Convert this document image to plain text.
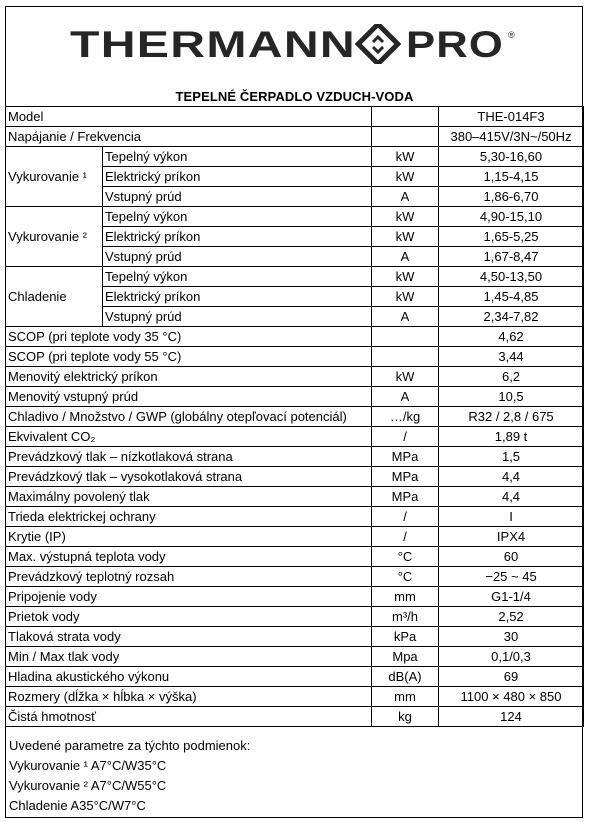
THERMANN PRO ®
TEPELNÉ ČERPADLO VZDUCH-VODA
Model			THE-014F3
Napájanie / Frekvencia			380–415V/3N~/50Hz
Vykurovanie ¹	Tepelný výkon	kW	5,30-16,60
	Elektrický príkon	kW	1,15-4,15
	Vstupný prúd	A	1,86-6,70
Vykurovanie ²	Tepelný výkon	kW	4,90-15,10
	Elektrický príkon	kW	1,65-5,25
	Vstupný prúd	A	1,67-8,47
Chladenie	Tepelný výkon	kW	4,50-13,50
	Elektrický príkon	kW	1,45-4,85
	Vstupný prúd	A	2,34-7,82
SCOP (pri teplote vody 35 °C)			4,62
SCOP (pri teplote vody 55 °C)			3,44
Menovitý elektrický príkon		kW	6,2
Menovitý vstupný prúd		A	10,5
Chladivo / Množstvo / GWP (globálny otepľovací potenciál)		…/kg	R32 / 2,8 / 675
Ekvivalent CO₂		/	1,89 t
Prevádzkový tlak – nízkotlaková strana		MPa	1,5
Prevádzkový tlak – vysokotlaková strana		MPa	4,4
Maximálny povolený tlak		MPa	4,4
Trieda elektrickej ochrany		/	I
Krytie (IP)		/	IPX4
Max. výstupná teplota vody		°C	60
Prevádzkový teplotný rozsah		°C	−25 ~ 45
Pripojenie vody		mm	G1-1/4
Prietok vody		m³/h	2,52
Tlaková strata vody		kPa	30
Min / Max tlak vody		Mpa	0,1/0,3
Hladina akustického výkonu		dB(A)	69
Rozmery (dĺžka × hĺbka × výška)		mm	1100 × 480 × 850
Čistá hmotnosť		kg	124
Uvedené parametre za týchto podmienok:
Vykurovanie ¹ A7°C/W35°C
Vykurovanie ² A7°C/W55°C
Chladenie A35°C/W7°C
